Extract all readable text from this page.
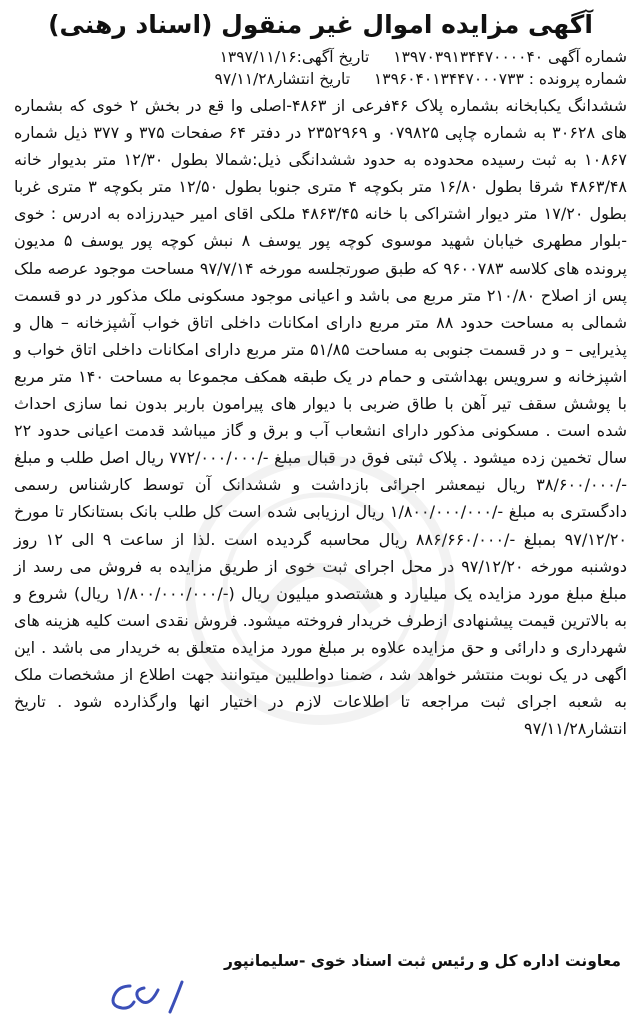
آگهی مزایده اموال غیر منقول (اسناد رهنی)
شماره آگهی ۱۳۹۷۰۳۹۱۳۴۴۷۰۰۰۰۴۰  تاریخ آگهی:۱۳۹۷/۱۱/۱۶
شماره پرونده : ۱۳۹۶۰۴۰۱۳۴۴۷۰۰۰۷۳۳  تاریخ انتشار۹۷/۱۱/۲۸
ششدانگ یکبابخانه بشماره پلاک ۴۶فرعی از ۴۸۶۳-اصلی وا قع در بخش ۲ خوی که بشماره های ۳۰۶۲۸ به شماره چاپی ۰۷۹۸۲۵ و ۲۳۵۲۹۶۹ در دفتر ۶۴ صفحات ۳۷۵ و ۳۷۷ ذیل شماره ۱۰۸۶۷ به ثبت رسیده محدوده به حدود ششدانگی ذیل:شمالا بطول ۱۲/۳۰ متر بدیوار خانه ۴۸۶۳/۴۸ شرقا بطول ۱۶/۸۰ متر بکوچه ۴ متری جنوبا بطول ۱۲/۵۰ متر بکوچه ۳ متری غربا بطول ۱۷/۲۰ متر دیوار اشتراکی با خانه ۴۸۶۳/۴۵ ملکی اقای امیر حیدرزاده به ادرس : خوی -بلوار مطهری خیابان شهید موسوی کوچه پور یوسف ۸ نبش کوچه پور یوسف ۵ مدیون پرونده های کلاسه ۹۶۰۰۷۸۳ که طبق صورتجلسه مورخه ۹۷/۷/۱۴ مساحت موجود عرصه ملک پس از اصلاح ۲۱۰/۸۰ متر مربع می باشد و اعیانی موجود مسکونی ملک مذکور در دو قسمت شمالی به مساحت حدود ۸۸ متر مربع دارای امکانات داخلی اتاق خواب آشپزخانه – هال و پذیرایی – و در قسمت جنوبی به مساحت ۵۱/۸۵ متر مربع دارای امکانات داخلی اتاق خواب و اشپزخانه و سرویس بهداشتی و حمام در یک طبقه همکف مجموعا به مساحت ۱۴۰ متر مربع با پوشش سقف تیر آهن با طاق ضربی با دیوار های پیرامون باربر بدون نما سازی احداث شده است . مسکونی مذکور دارای انشعاب آب و برق و گاز میباشد قدمت اعیانی حدود ۲۲ سال تخمین زده میشود . پلاک ثبتی فوق در قبال مبلغ -/۷۷۲/۰۰۰/۰۰۰ ریال اصل طلب و مبلغ -/۳۸/۶۰۰/۰۰۰ ریال نیمعشر اجرائی بازداشت و ششدانک آن توسط کارشناس رسمی دادگستری به مبلغ -/۱/۸۰۰/۰۰۰/۰۰۰ ریال ارزیابی شده است کل طلب بانک بستانکار تا مورخ ۹۷/۱۲/۲۰ بمبلغ -/۸۸۶/۶۶۰/۰۰۰ ریال محاسبه گردیده است .لذا از ساعت ۹ الی ۱۲ روز دوشنبه مورخه ۹۷/۱۲/۲۰ در محل اجرای ثبت خوی از طریق مزایده به فروش می رسد از مبلغ مبلغ مورد مزایده یک میلیارد و هشتصدو میلیون ریال (-/۱/۸۰۰/۰۰۰/۰۰۰ ریال) شروع و به بالاترین قیمت پیشنهادی ازطرف خریدار فروخته میشود. فروش نقدی است کلیه هزینه های شهرداری و دارائی و حق مزایده علاوه بر مبلغ مورد مزایده متعلق به خریدار می باشد . این اگهی در یک نوبت منتشر خواهد شد ، ضمنا دواطلبین میتوانند جهت اطلاع از مشخصات ملک به شعبه اجرای ثبت مراجعه تا اطلاعات لازم در اختیار انها وارگذارده شود . تاریخ انتشار۹۷/۱۱/۲۸
معاونت اداره کل و رئیس ثبت اسناد خوی -سلیمانپور
